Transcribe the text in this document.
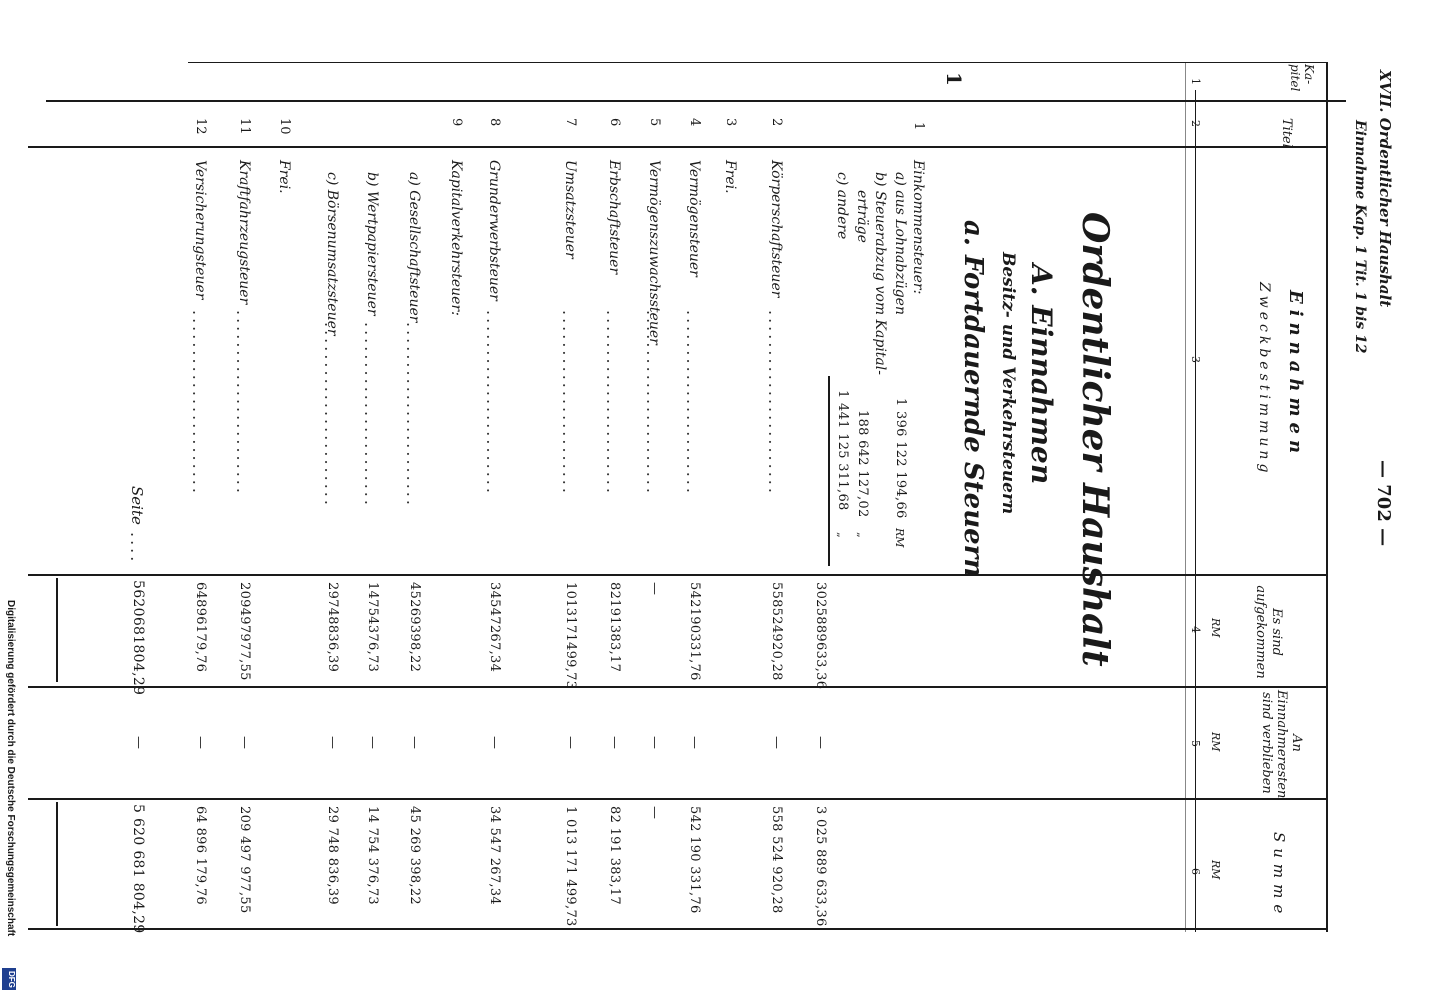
Digitalisierung gefördert durch die Deutsche Forschungsgemeinschaft
DFG
XVII. Ordentlicher Haushalt
— 702 —
Einnahme Kap. 1 Tit. 1 bis 12
Ka-
pitel
Titel
Einnahmen
Zweckbestimmung
Es sind
aufgekommen
An
Einnahmeresten
sind verblieben
Summe
RM
RM
RM
1
2
3
4
5
6
1
Ordentlicher Haushalt
A. Einnahmen
Besitz- und Verkehrsteuern
a. Fortdauernde Steuern
1
Einkommensteuer:
a) aus Lohnabzügen
1 396 122 194,66
RM
b) Steuerabzug vom Kapital-
erträge
188 642 127,02
„
c) andere
1 441 125 311,68
„
3025889633,36
—
3 025 889 633,36
2
Körperschaftsteuer
.......................
558524920,28
—
558 524 920,28
3
Frei.
4
Vermögensteuer
.......................
542190331,76
—
542 190 331,76
5
Vermögenszuwachssteuer
.......................
—
—
—
6
Erbschaftsteuer
.......................
82191383,17
—
82 191 383,17
7
Umsatzsteuer
.......................
1013171499,73
—
1 013 171 499,73
8
Grunderwerbsteuer
.......................
34547267,34
—
34 547 267,34
9
Kapitalverkehrsteuer:
a) Gesellschaftsteuer
.......................
45269398,22
—
45 269 398,22
b) Wertpapiersteuer
.......................
14754376,73
—
14 754 376,73
c) Börsenumsatzsteuer
.......................
29748836,39
—
29 748 836,39
10
Frei.
11
Kraftfahrzeugsteuer
.......................
209497977,55
—
209 497 977,55
12
Versicherungsteuer
.......................
64896179,76
—
64 896 179,76
Seite
....
5620681804,29
—
5 620 681 804,29
